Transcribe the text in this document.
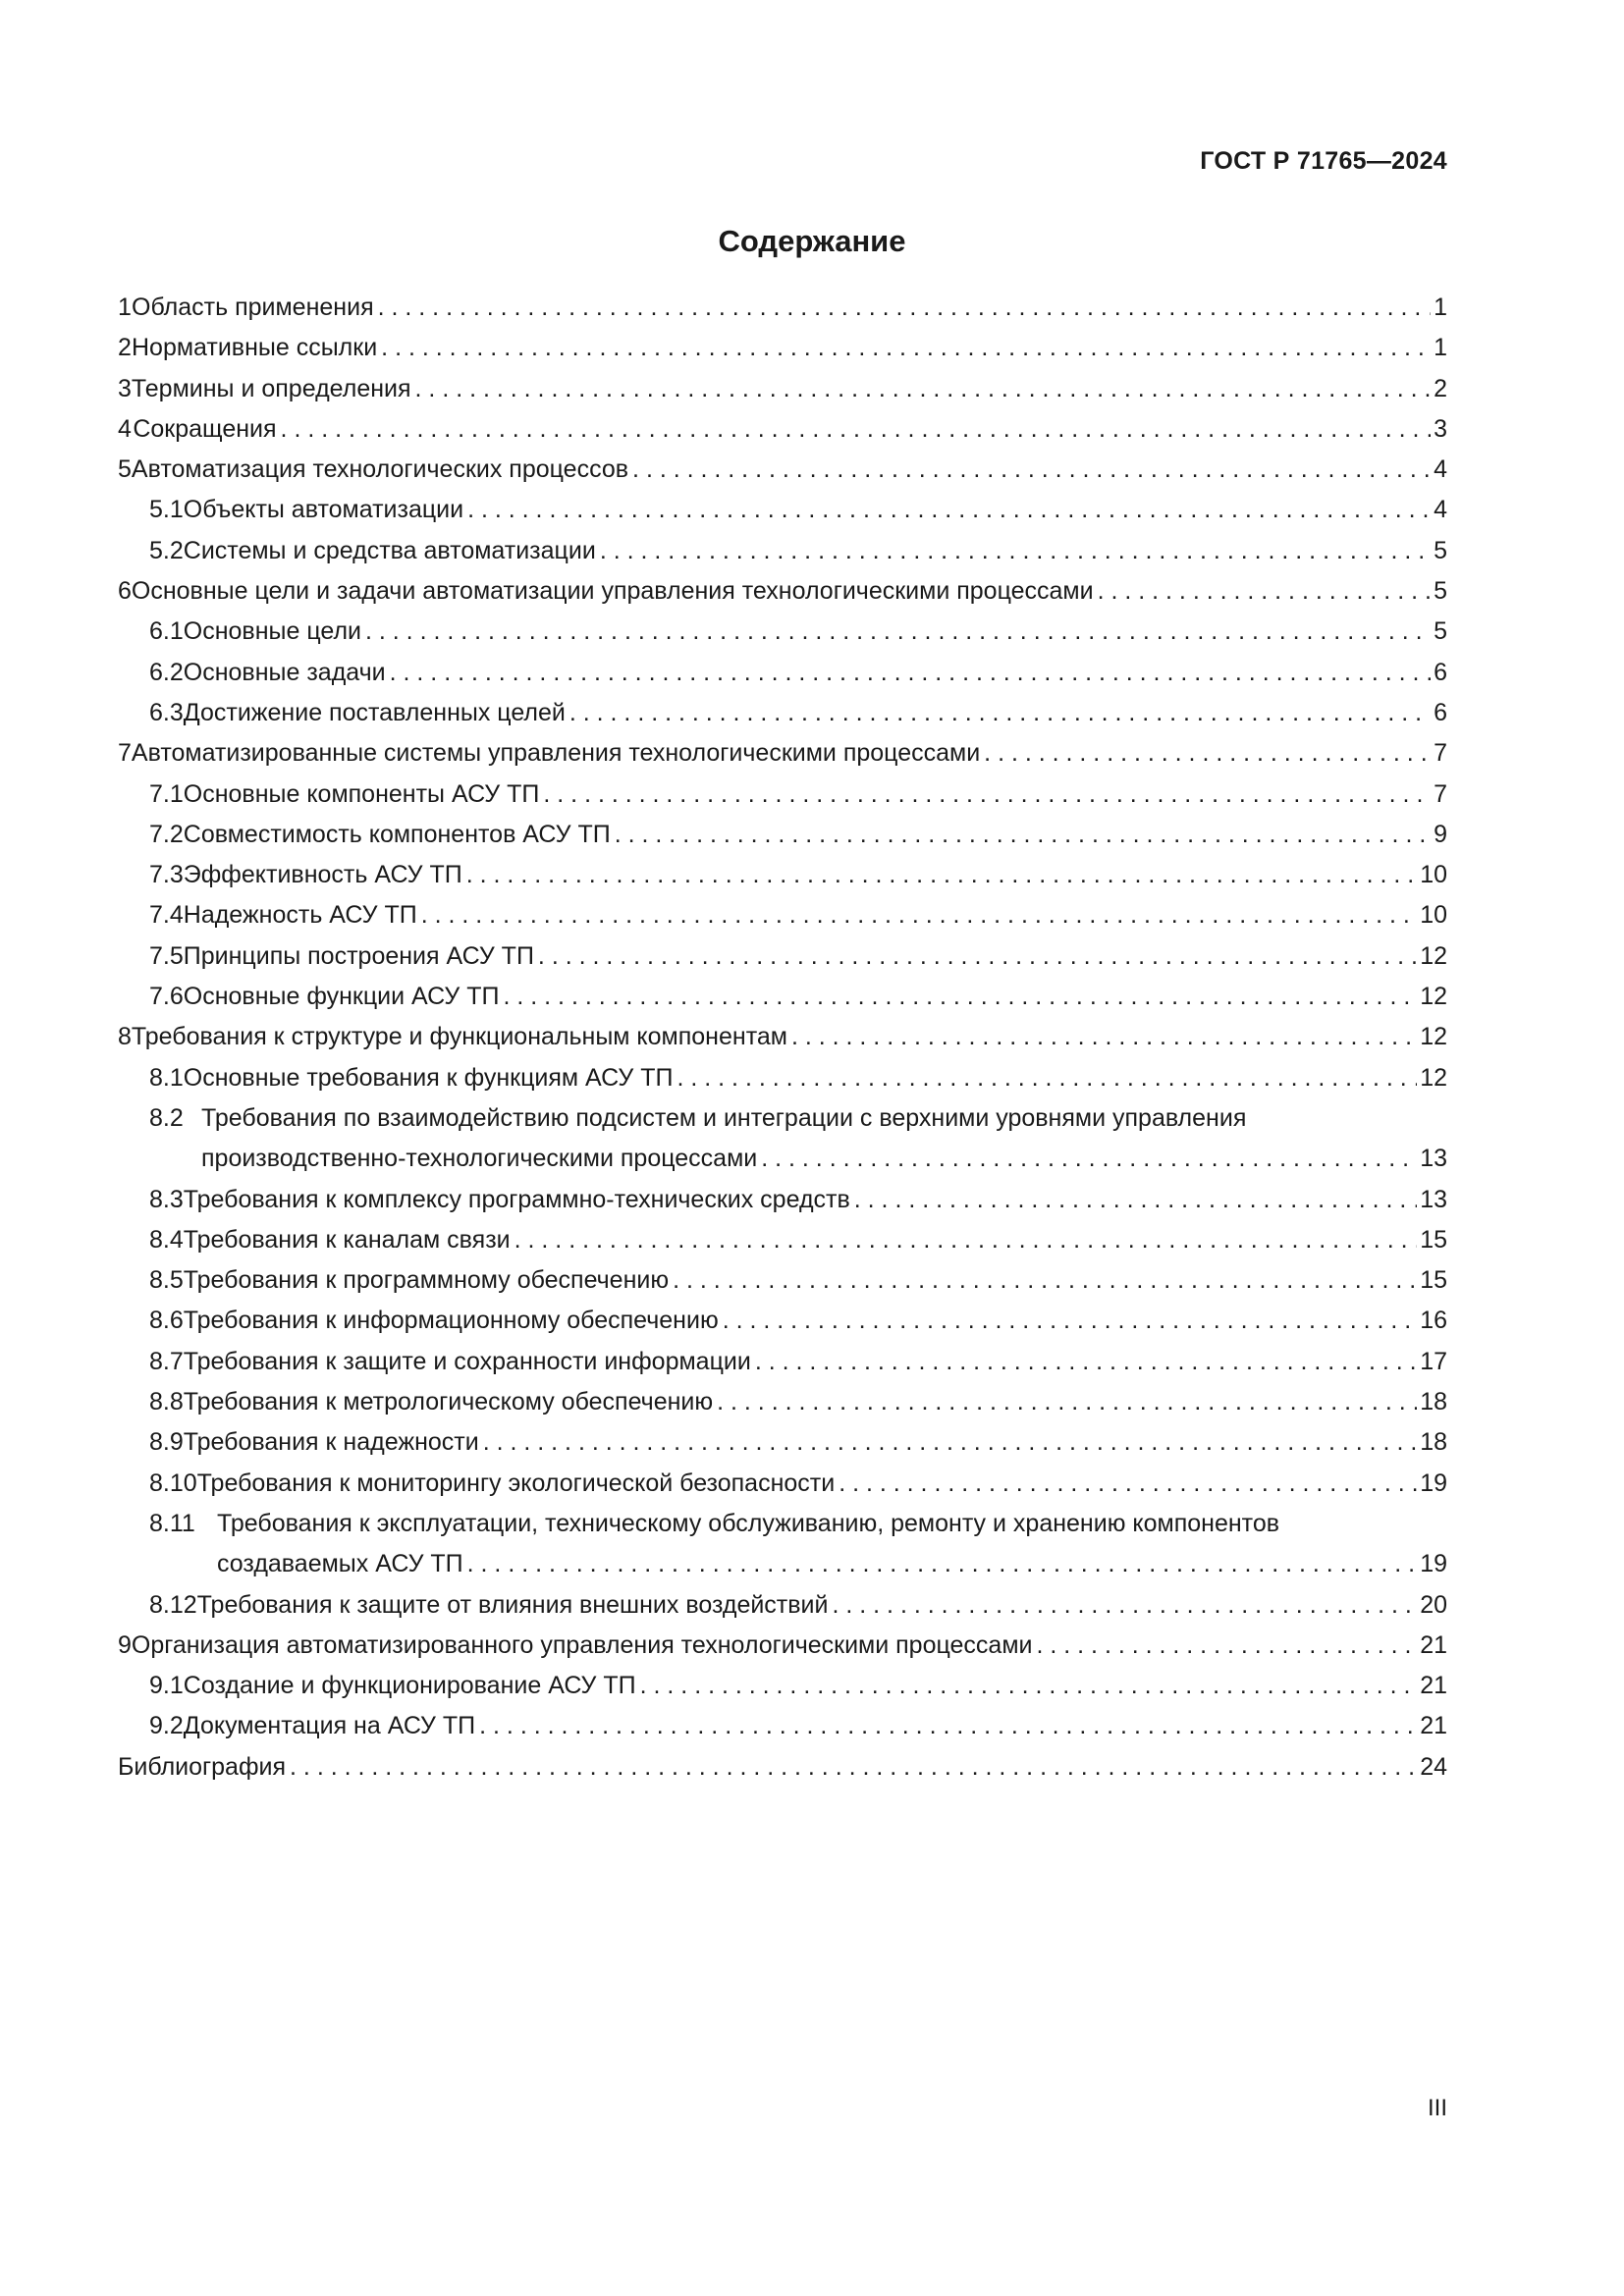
ГОСТ Р 71765—2024
Содержание
1 Область применения . . .	1
2 Нормативные ссылки . . .	1
3 Термины и определения . . .	2
4 Сокращения . . .	3
5 Автоматизация технологических процессов . . .	4
5.1 Объекты автоматизации . . .	4
5.2 Системы и средства автоматизации . . .	5
6 Основные цели и задачи автоматизации управления технологическими процессами . . .	5
6.1 Основные цели . . .	5
6.2 Основные задачи . . .	6
6.3 Достижение поставленных целей . . .	6
7 Автоматизированные системы управления технологическими процессами . . .	7
7.1 Основные компоненты АСУ ТП . . .	7
7.2 Совместимость компонентов АСУ ТП . . .	9
7.3 Эффективность АСУ ТП . . .	10
7.4 Надежность АСУ ТП . . .	10
7.5 Принципы построения АСУ ТП . . .	12
7.6 Основные функции АСУ ТП . . .	12
8 Требования к структуре и функциональным компонентам . . .	12
8.1 Основные требования к функциям АСУ ТП . . .	12
8.2 Требования по взаимодействию подсистем и интеграции с верхними уровнями управления
производственно-технологическими процессами . . .	13
8.3 Требования к комплексу программно-технических средств . . .	13
8.4 Требования к каналам связи . . .	15
8.5 Требования к программному обеспечению . . .	15
8.6 Требования к информационному обеспечению . . .	16
8.7 Требования к защите и сохранности информации . . .	17
8.8 Требования к метрологическому обеспечению . . .	18
8.9 Требования к надежности . . .	18
8.10 Требования к мониторингу экологической безопасности . . .	19
8.11 Требования к эксплуатации, техническому обслуживанию, ремонту и хранению компонентов
создаваемых АСУ ТП . . .	19
8.12 Требования к защите от влияния внешних воздействий . . .	20
9 Организация автоматизированного управления технологическими процессами . . .	21
9.1 Создание и функционирование АСУ ТП . . .	21
9.2 Документация на АСУ ТП . . .	21
Библиография . . .	24
III
